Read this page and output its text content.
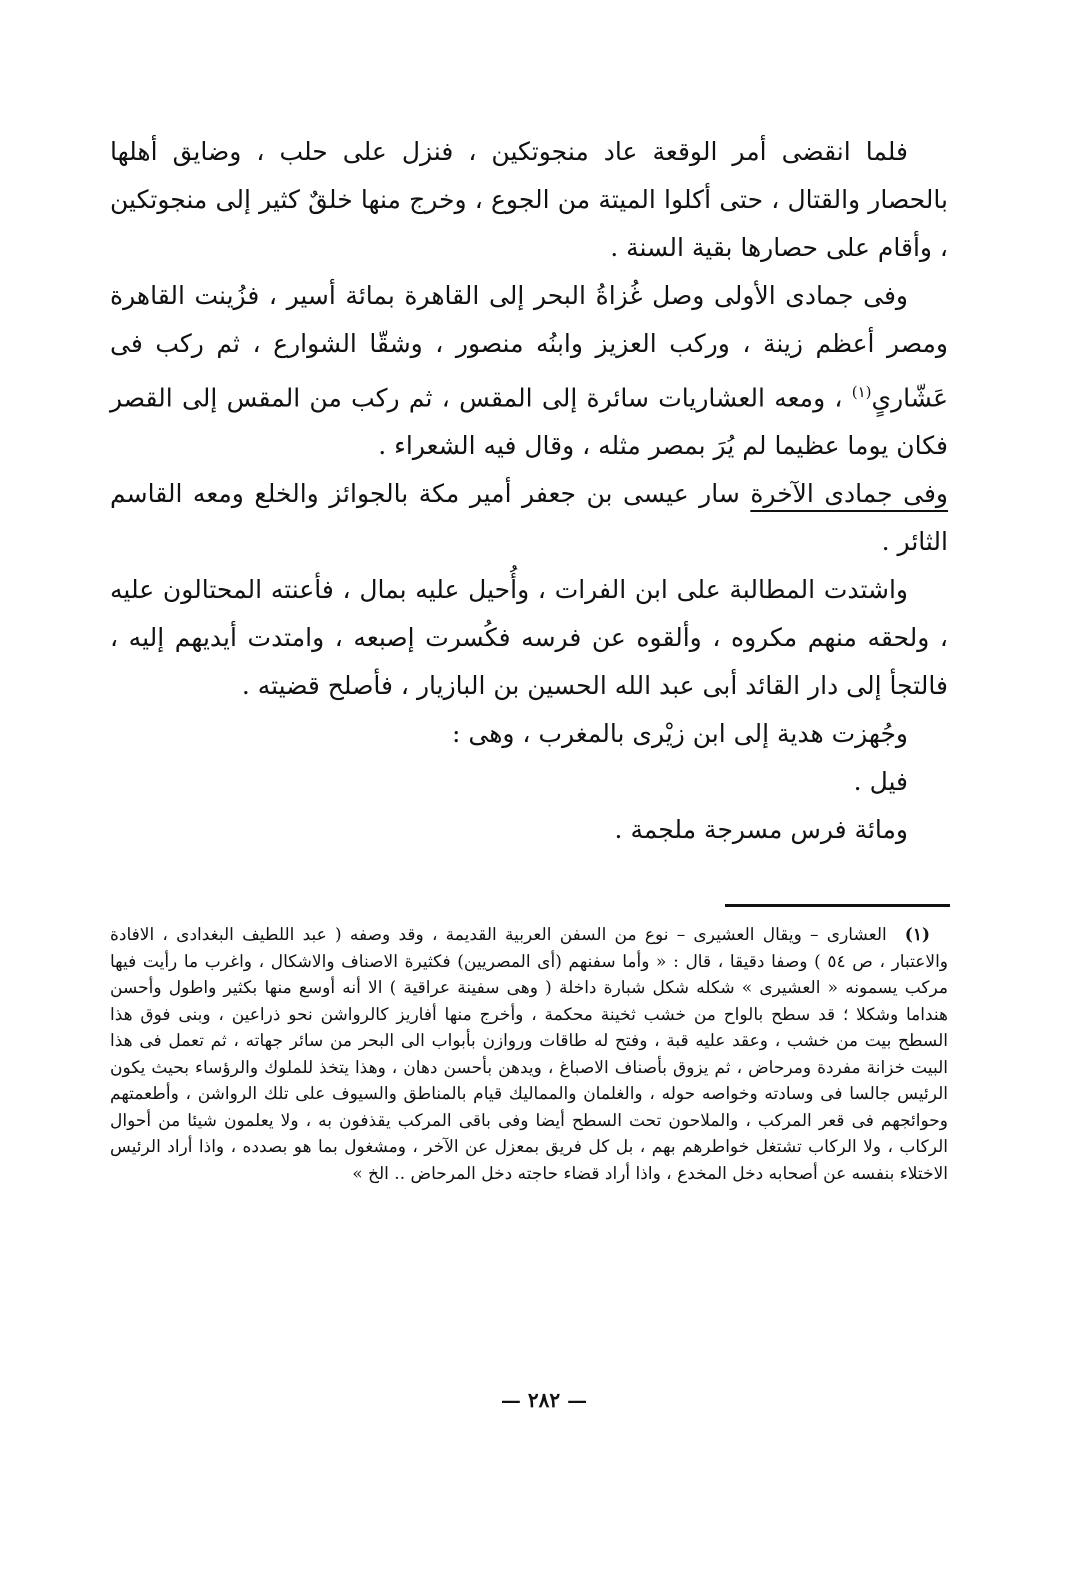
فلما انقضى أمر الوقعة عاد منجوتكين ، فنزل على حلب ، وضايق أهلها بالحصار والقتال ، حتى أكلوا الميتة من الجوع ، وخرج منها خلقٌ كثير إلى منجوتكين ، وأقام على حصارها بقية السنة .

وفى جمادى الأولى وصل غُزاةُ البحر إلى القاهرة بمائة أسير ، فزُينت القاهرة ومصر أعظم زينة ، وركب العزيز وابنُه منصور ، وشقّا الشوارع ، ثم ركب فى عَشّارىٍ$^{(١)}$ ، ومعه العشاريات سائرة إلى المقس ، ثم ركب من المقس إلى القصر فكان يوما عظيما لم يُرَ بمصر مثله ، وقال فيه الشعراء .

وفى جمادى الآخرة سار عيسى بن جعفر أمير مكة بالجوائز والخلع ومعه القاسم الثائر .

واشتدت المطالبة على ابن الفرات ، وأُحيل عليه بمال ، فأعنته المحتالون عليه ، ولحقه منهم مكروه ، وألقوه عن فرسه فكُسرت إصبعه ، وامتدت أيديهم إليه ، فالتجأ إلى دار القائد أبى عبد الله الحسين بن البازيار ، فأصلح قضيته .

وجُهزت هدية إلى ابن زيْرى بالمغرب ، وهى :

فيل .

ومائة فرس مسرجة ملجمة .

(١)العشارى – ويقال العشيرى – نوع من السفن العربية القديمة ، وقد وصفه ( عبد اللطيف البغدادى ، الافادة والاعتبار ، ص ٥٤ ) وصفا دقيقا ، قال : « وأما سفنهم (أى المصريين) فكثيرة الاصناف والاشكال ، واغرب ما رأيت فيها مركب يسمونه « العشيرى » شكله شكل شبارة داخلة ( وهى سفينة عراقية ) الا أنه أوسع منها بكثير واطول وأحسن هنداما وشكلا ؛ قد سطح بالواح من خشب ثخينة محكمة ، وأخرج منها أفاريز كالرواشن نحو ذراعين ، وبنى فوق هذا السطح بيت من خشب ، وعقد عليه قبة ، وفتح له طاقات وروازن بأبواب الى البحر من سائر جهاته ، ثم تعمل فى هذا البيت خزانة مفردة ومرحاض ، ثم يزوق بأصناف الاصباغ ، ويدهن بأحسن دهان ، وهذا يتخذ للملوك والرؤساء بحيث يكون الرئيس جالسا فى وسادته وخواصه حوله ، والغلمان والمماليك قيام بالمناطق والسيوف على تلك الرواشن ، وأطعمتهم وحوائجهم فى قعر المركب ، والملاحون تحت السطح أيضا وفى باقى المركب يقذفون به ، ولا يعلمون شيئا من أحوال الركاب ، ولا الركاب تشتغل خواطرهم بهم ، بل كل فريق بمعزل عن الآخر ، ومشغول بما هو بصدده ، واذا أراد الرئيس الاختلاء بنفسه عن أصحابه دخل المخدع ، واذا أراد قضاء حاجته دخل المرحاض .. الخ »

— ٢٨٢ —
